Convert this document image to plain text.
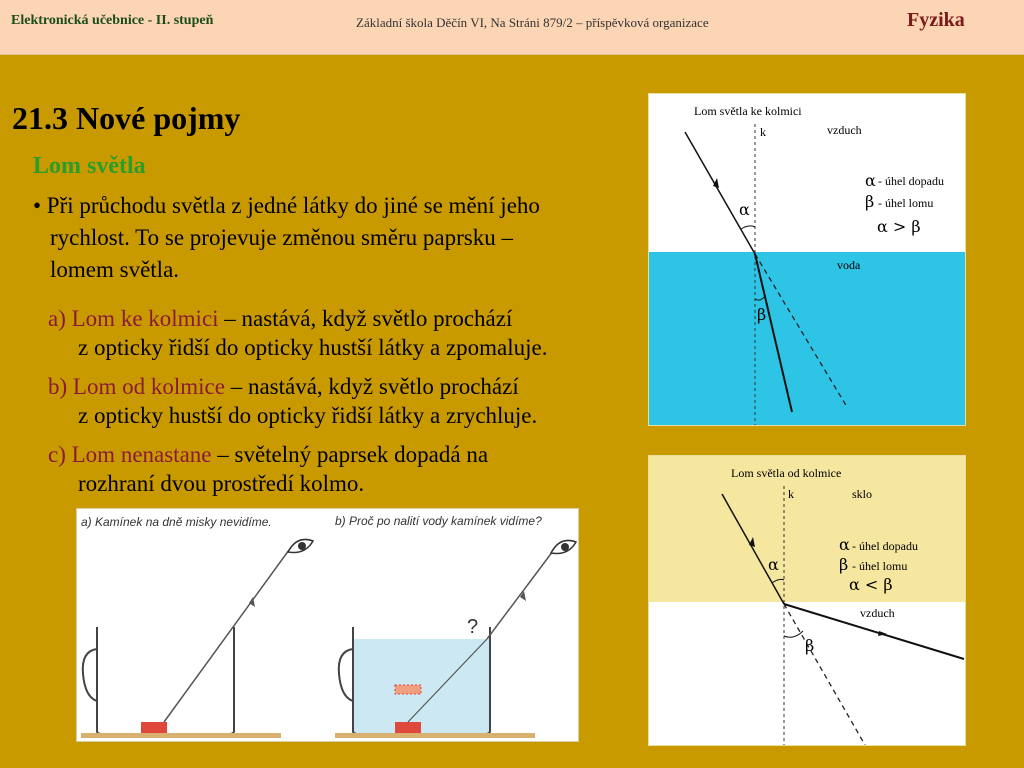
Elektronická učebnice - II. stupeň	Základní škola Děčín VI, Na Stráni 879/2 – příspěvková organizace	Fyzika
21.3 Nové pojmy
Lom světla
• Při průchodu světla z jedné látky do jiné se mění jeho
rychlost. To se projevuje změnou směru paprsku –
lomem světla.
a) Lom ke kolmici – nastává, když světlo prochází
z opticky řidší do opticky hustší látky a zpomaluje.
b) Lom od kolmice – nastává, když světlo prochází
z opticky hustší do opticky řidší látky a zrychluje.
c) Lom nenastane – světelný paprsek dopadá na
rozhraní dvou prostředí kolmo.
Lom světla ke kolmici
k	vzduch
voda
α
β
α - úhel dopadu
β - úhel lomu
α > β
Lom světla od kolmice
k	sklo
vzduch
α
β
α - úhel dopadu
β - úhel lomu
α < β
a) Kamínek na dně misky nevidíme.	b) Proč po nalití vody kamínek vidíme?
?
